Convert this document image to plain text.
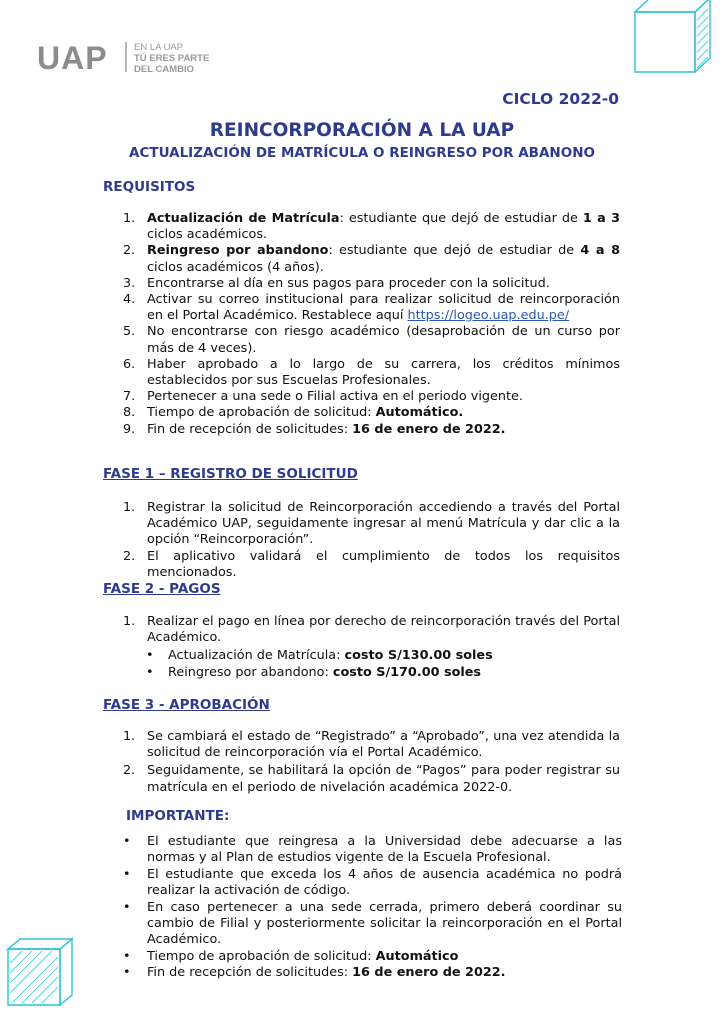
UAP	EN LA UAP
TÚ ERES PARTE
DEL CAMBIO
CICLO 2022-0
REINCORPORACIÓN A LA UAP
ACTUALIZACIÓN DE MATRÍCULA O REINGRESO POR ABANONO
REQUISITOS
1. Actualización de Matrícula: estudiante que dejó de estudiar de 1 a 3 ciclos académicos.
2. Reingreso por abandono: estudiante que dejó de estudiar de 4 a 8 ciclos académicos (4 años).
3. Encontrarse al día en sus pagos para proceder con la solicitud.
4. Activar su correo institucional para realizar solicitud de reincorporación en el Portal Académico. Restablece aquí https://logeo.uap.edu.pe/
5. No encontrarse con riesgo académico (desaprobación de un curso por más de 4 veces).
6. Haber aprobado a lo largo de su carrera, los créditos mínimos establecidos por sus Escuelas Profesionales.
7. Pertenecer a una sede o Filial activa en el periodo vigente.
8. Tiempo de aprobación de solicitud: Automático.
9. Fin de recepción de solicitudes: 16 de enero de 2022.
FASE 1 – REGISTRO DE SOLICITUD
1. Registrar la solicitud de Reincorporación accediendo a través del Portal Académico UAP, seguidamente ingresar al menú Matrícula y dar clic a la opción “Reincorporación”.
2. El aplicativo validará el cumplimiento de todos los requisitos mencionados.
FASE 2 - PAGOS
1. Realizar el pago en línea por derecho de reincorporación través del Portal Académico.
• Actualización de Matrícula: costo S/130.00 soles
• Reingreso por abandono: costo S/170.00 soles
FASE 3 - APROBACIÓN
1. Se cambiará el estado de “Registrado” a “Aprobado”, una vez atendida la solicitud de reincorporación vía el Portal Académico.
2. Seguidamente, se habilitará la opción de “Pagos” para poder registrar su matrícula en el periodo de nivelación académica 2022-0.
IMPORTANTE:
• El estudiante que reingresa a la Universidad debe adecuarse a las normas y al Plan de estudios vigente de la Escuela Profesional.
• El estudiante que exceda los 4 años de ausencia académica no podrá realizar la activación de código.
• En caso pertenecer a una sede cerrada, primero deberá coordinar su cambio de Filial y posteriormente solicitar la reincorporación en el Portal Académico.
• Tiempo de aprobación de solicitud: Automático
• Fin de recepción de solicitudes: 16 de enero de 2022.
